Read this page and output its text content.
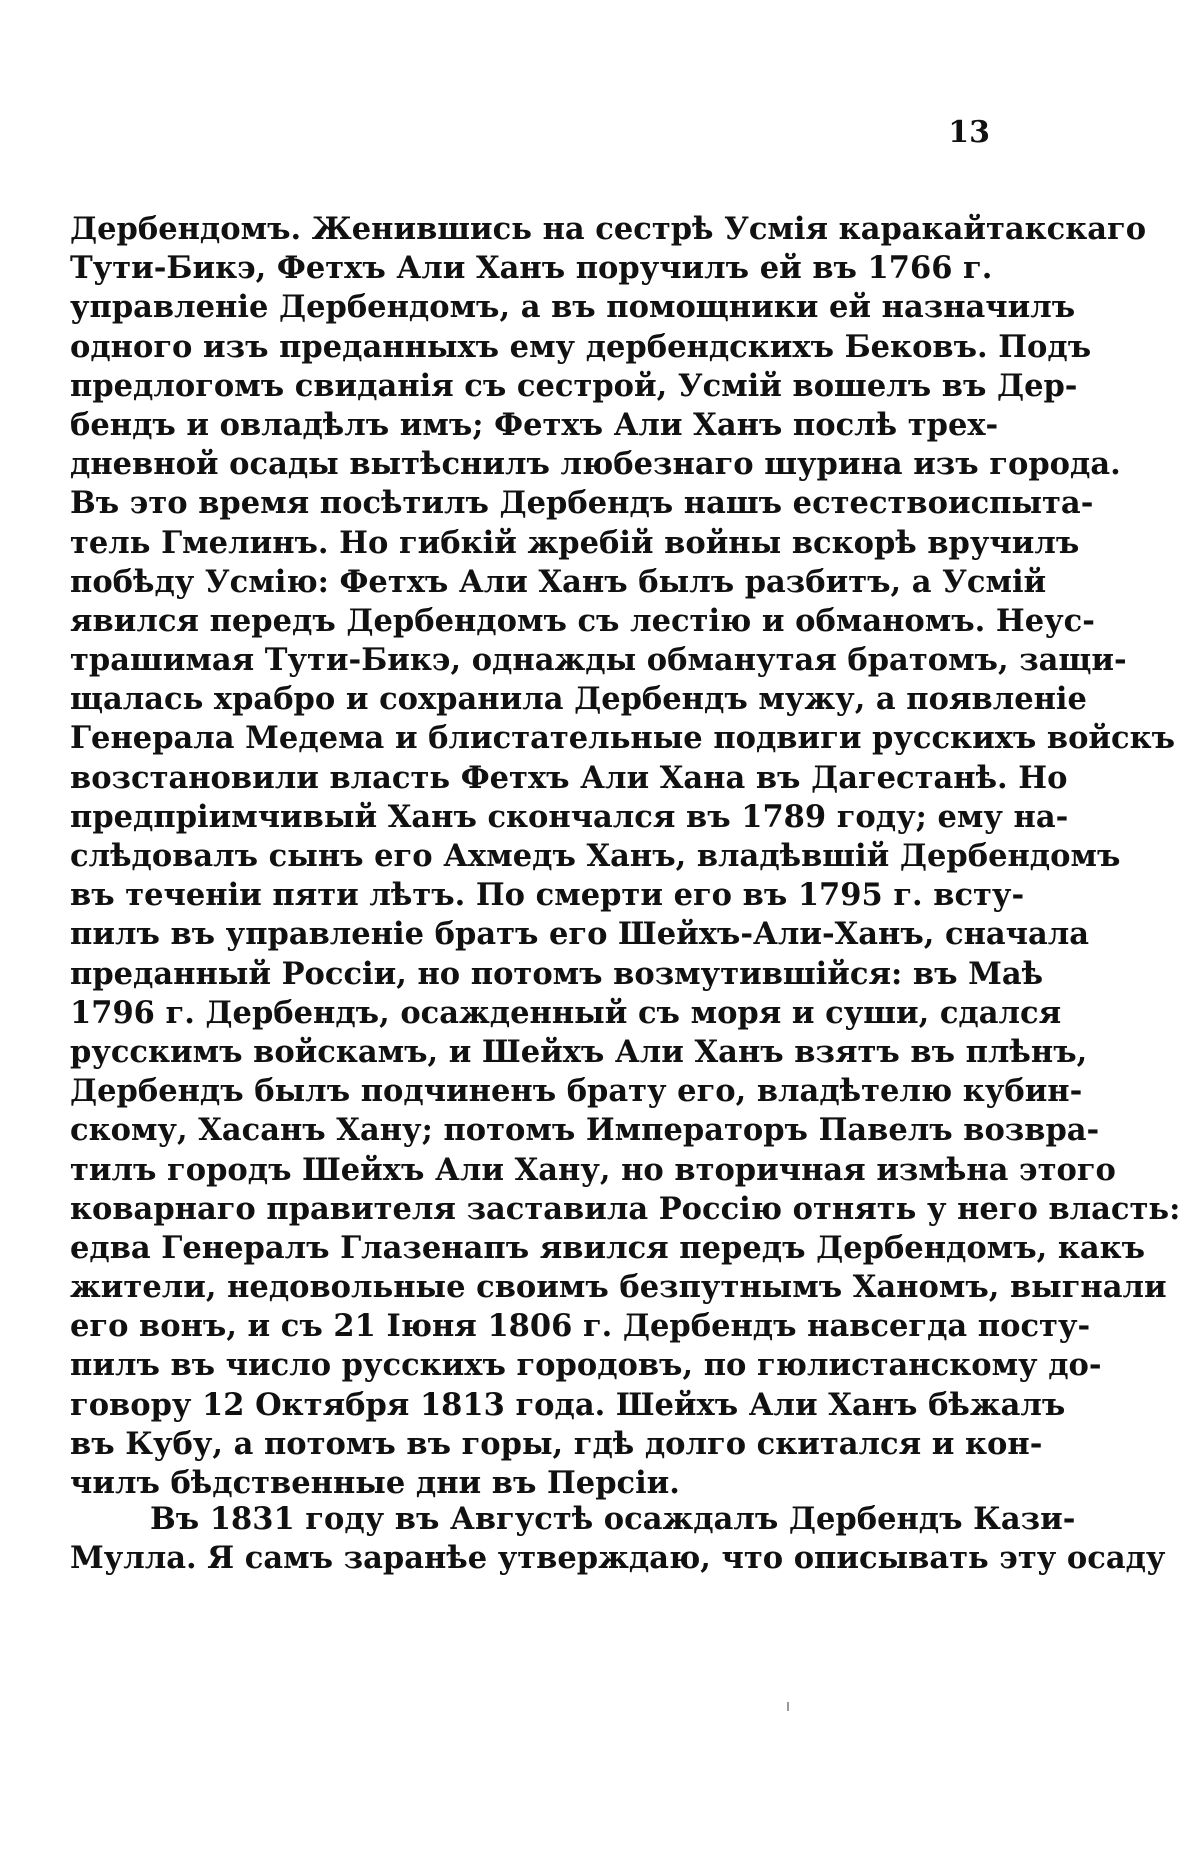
13
Дербендомъ. Женившись на сестрѣ Усмія каракайтакскаго
Тути-Бикэ, Фетхъ Али Ханъ поручилъ ей въ 1766 г.
управленіе Дербендомъ, а въ помощники ей назначилъ
одного изъ преданныхъ ему дербендскихъ Бековъ. Подъ
предлогомъ свиданія съ сестрой, Усмій вошелъ въ Дер-
бендъ и овладѣлъ имъ; Фетхъ Али Ханъ послѣ трех-
дневной осады вытѣснилъ любезнаго шурина изъ города.
Въ это время посѣтилъ Дербендъ нашъ естествоиспыта-
тель Гмелинъ. Но гибкій жребій войны вскорѣ вручилъ
побѣду Усмію: Фетхъ Али Ханъ былъ разбитъ, а Усмій
явился передъ Дербендомъ съ лестію и обманомъ. Неус-
трашимая Тути-Бикэ, однажды обманутая братомъ, защи-
щалась храбро и сохранила Дербендъ мужу, а появленіе
Генерала Медема и блистательные подвиги русскихъ войскъ
возстановили власть Фетхъ Али Хана въ Дагестанѣ. Но
предпріимчивый Ханъ скончался въ 1789 году; ему на-
слѣдовалъ сынъ его Ахмедъ Ханъ, владѣвшій Дербендомъ
въ теченіи пяти лѣтъ. По смерти его въ 1795 г. всту-
пилъ въ управленіе братъ его Шейхъ-Али-Ханъ, сначала
преданный Россіи, но потомъ возмутившійся: въ Маѣ
1796 г. Дербендъ, осажденный съ моря и суши, сдался
русскимъ войскамъ, и Шейхъ Али Ханъ взятъ въ плѣнъ,
Дербендъ былъ подчиненъ брату его, владѣтелю кубин-
скому, Хасанъ Хану; потомъ Императоръ Павелъ возвра-
тилъ городъ Шейхъ Али Хану, но вторичная измѣна этого
коварнаго правителя заставила Россію отнять у него власть:
едва Генералъ Глазенапъ явился передъ Дербендомъ, какъ
жители, недовольные своимъ безпутнымъ Ханомъ, выгнали
его вонъ, и съ 21 Іюня 1806 г. Дербендъ навсегда посту-
пилъ въ число русскихъ городовъ, по гюлистанскому до-
говору 12 Октября 1813 года. Шейхъ Али Ханъ бѣжалъ
въ Кубу, а потомъ въ горы, гдѣ долго скитался и кон-
чилъ бѣдственные дни въ Персіи.
Въ 1831 году въ Августѣ осаждалъ Дербендъ Кази-
Мулла. Я самъ заранѣе утверждаю, что описывать эту осаду
